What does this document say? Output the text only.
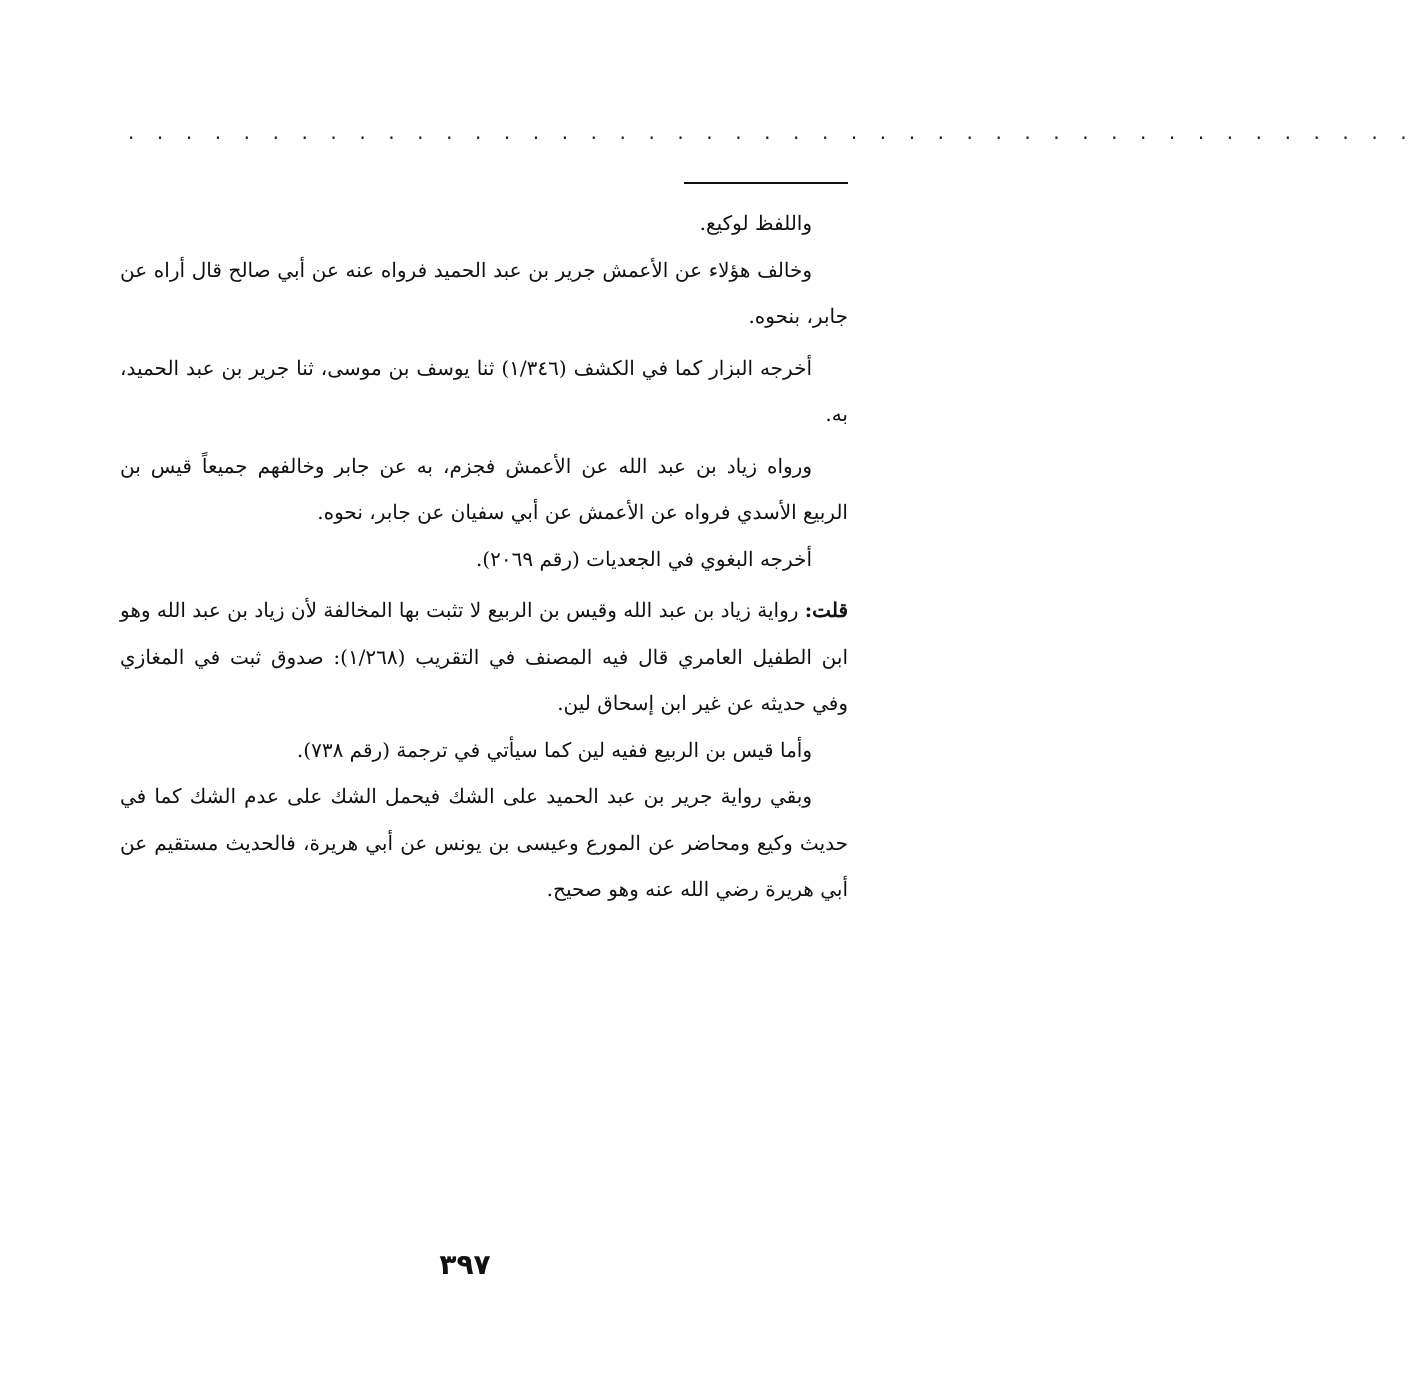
. . . . . . . . . . . . . . . . . . . . . . . . . . . . . . . . . . . . . . . . . . . . .

واللفظ لوكيع.

وخالف هؤلاء عن الأعمش جرير بن عبد الحميد فرواه عنه عن أبي صالح قال أراه عن جابر، بنحوه.

أخرجه البزار كما في الكشف (١/٣٤٦) ثنا يوسف بن موسى، ثنا جرير بن عبد الحميد، به.

ورواه زياد بن عبد الله عن الأعمش فجزم، به عن جابر وخالفهم جميعاً قيس بن الربيع الأسدي فرواه عن الأعمش عن أبي سفيان عن جابر، نحوه.

أخرجه البغوي في الجعديات (رقم ٢٠٦٩).

قلت: رواية زياد بن عبد الله وقيس بن الربيع لا تثبت بها المخالفة لأن زياد بن عبد الله وهو ابن الطفيل العامري قال فيه المصنف في التقريب (١/٢٦٨): صدوق ثبت في المغازي وفي حديثه عن غير ابن إسحاق لين.

وأما قيس بن الربيع ففيه لين كما سيأتي في ترجمة (رقم ٧٣٨).

وبقي رواية جرير بن عبد الحميد على الشك فيحمل الشك على عدم الشك كما في حديث وكيع ومحاضر عن المورع وعيسى بن يونس عن أبي هريرة، فالحديث مستقيم عن أبي هريرة رضي الله عنه وهو صحيح.

٣٩٧
